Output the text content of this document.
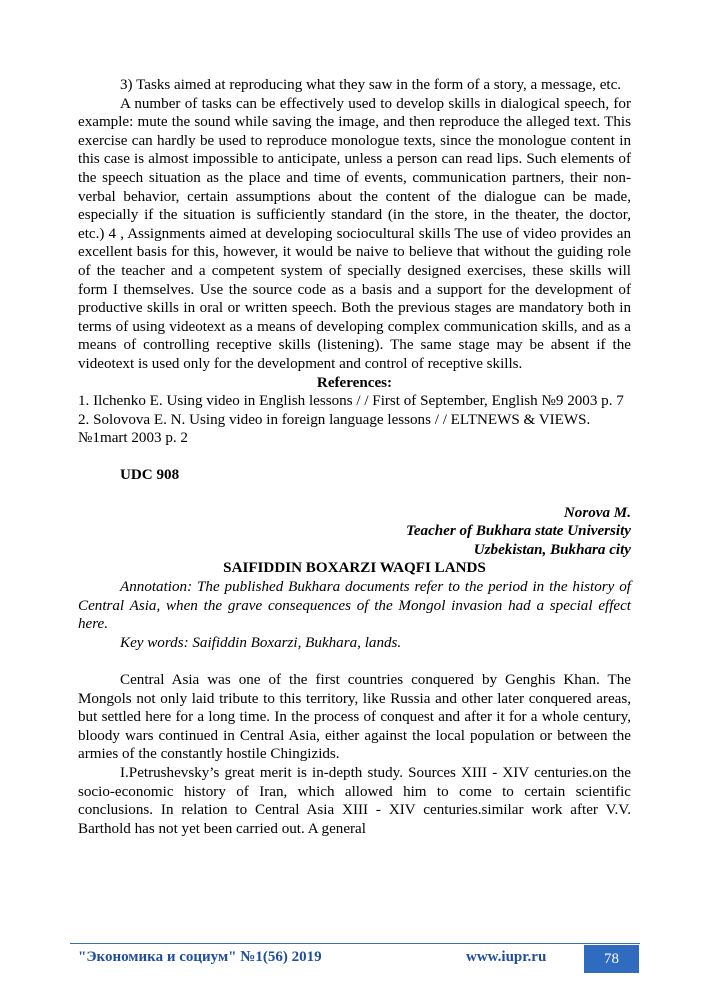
3) Tasks aimed at reproducing what they saw in the form of a story, a message, etc.

A number of tasks can be effectively used to develop skills in dialogical speech, for example: mute the sound while saving the image, and then reproduce the alleged text. This exercise can hardly be used to reproduce monologue texts, since the monologue content in this case is almost impossible to anticipate, unless a person can read lips. Such elements of the speech situation as the place and time of events, communication partners, their non-verbal behavior, certain assumptions about the content of the dialogue can be made, especially if the situation is sufficiently standard (in the store, in the theater, the doctor, etc.) 4 , Assignments aimed at developing sociocultural skills The use of video provides an excellent basis for this, however, it would be naive to believe that without the guiding role of the teacher and a competent system of specially designed exercises, these skills will form I themselves. Use the source code as a basis and a support for the development of productive skills in oral or written speech. Both the previous stages are mandatory both in terms of using videotext as a means of developing complex communication skills, and as a means of controlling receptive skills (listening). The same stage may be absent if the videotext is used only for the development and control of receptive skills.

References:

1. Ilchenko E. Using video in English lessons / / First of September, English №9 2003 p. 7

2. Solovova E. N. Using video in foreign language lessons / / ELTNEWS & VIEWS. №1mart 2003 p. 2

UDC 908

Norova M.

Teacher of Bukhara state University

Uzbekistan, Bukhara city

SAIFIDDIN BOXARZI WAQFI LANDS

Annotation: The published Bukhara documents refer to the period in the history of Central Asia, when the grave consequences of the Mongol invasion had a special effect here.

Key words: Saifiddin Boxarzi, Bukhara, lands.

Central Asia was one of the first countries conquered by Genghis Khan. The Mongols not only laid tribute to this territory, like Russia and other later conquered areas, but settled here for a long time. In the process of conquest and after it for a whole century, bloody wars continued in Central Asia, either against the local population or between the armies of the constantly hostile Chingizids.

I.Petrushevsky’s great merit is in-depth study. Sources XIII - XIV centuries.on the socio-economic history of Iran, which allowed him to come to certain scientific conclusions. In relation to Central Asia XIII - XIV centuries.similar work after V.V. Barthold has not yet been carried out. A general

"Экономика и социум" №1(56) 2019	www.iupr.ru	78
